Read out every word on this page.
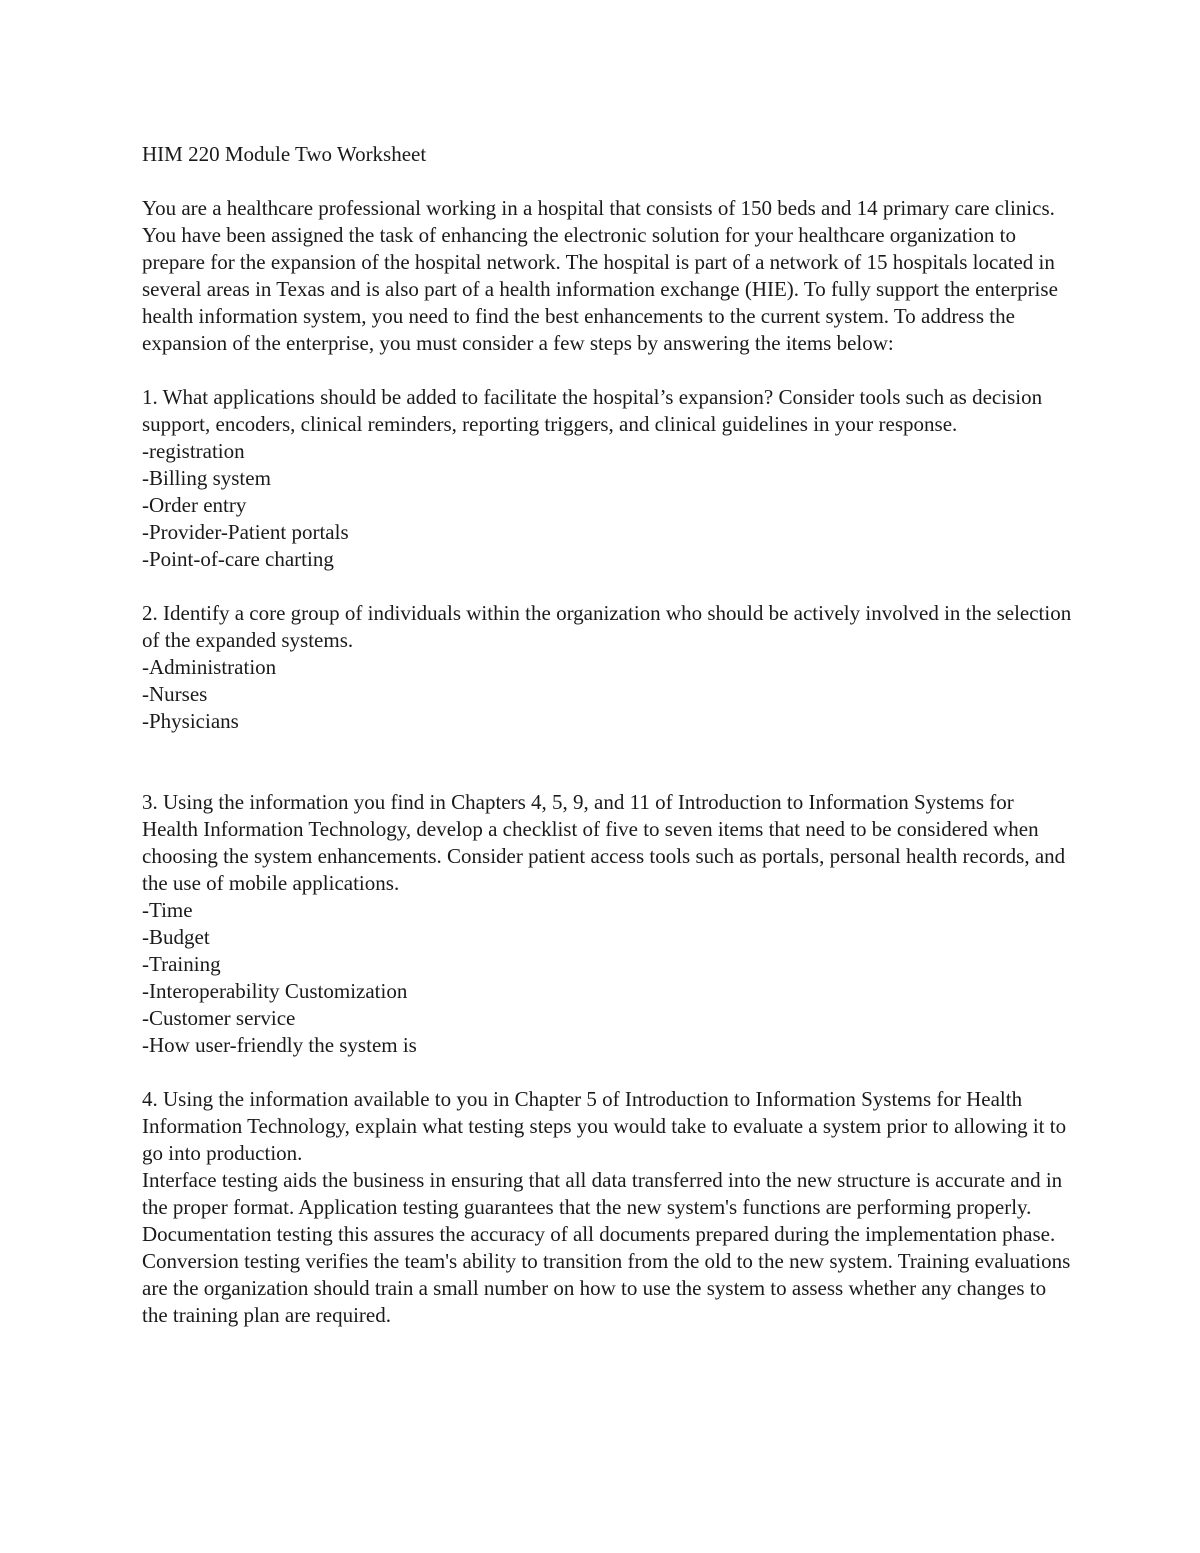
HIM 220 Module Two Worksheet

You are a healthcare professional working in a hospital that consists of 150 beds and 14 primary care clinics. You have been assigned the task of enhancing the electronic solution for your healthcare organization to prepare for the expansion of the hospital network. The hospital is part of a network of 15 hospitals located in several areas in Texas and is also part of a health information exchange (HIE). To fully support the enterprise health information system, you need to find the best enhancements to the current system. To address the expansion of the enterprise, you must consider a few steps by answering the items below:

1. What applications should be added to facilitate the hospital’s expansion? Consider tools such as decision support, encoders, clinical reminders, reporting triggers, and clinical guidelines in your response.

-registration
-Billing system
-Order entry
-Provider-Patient portals
-Point-of-care charting

2. Identify a core group of individuals within the organization who should be actively involved in the selection of the expanded systems.

-Administration
-Nurses
-Physicians

3. Using the information you find in Chapters 4, 5, 9, and 11 of Introduction to Information Systems for Health Information Technology, develop a checklist of five to seven items that need to be considered when choosing the system enhancements. Consider patient access tools such as portals, personal health records, and the use of mobile applications.

-Time
-Budget
-Training
-Interoperability Customization
-Customer service
-How user-friendly the system is

4. Using the information available to you in Chapter 5 of Introduction to Information Systems for Health Information Technology, explain what testing steps you would take to evaluate a system prior to allowing it to go into production.

Interface testing aids the business in ensuring that all data transferred into the new structure is accurate and in the proper format. Application testing guarantees that the new system's functions are performing properly. Documentation testing this assures the accuracy of all documents prepared during the implementation phase. Conversion testing verifies the team's ability to transition from the old to the new system. Training evaluations are the organization should train a small number on how to use the system to assess whether any changes to the training plan are required.
